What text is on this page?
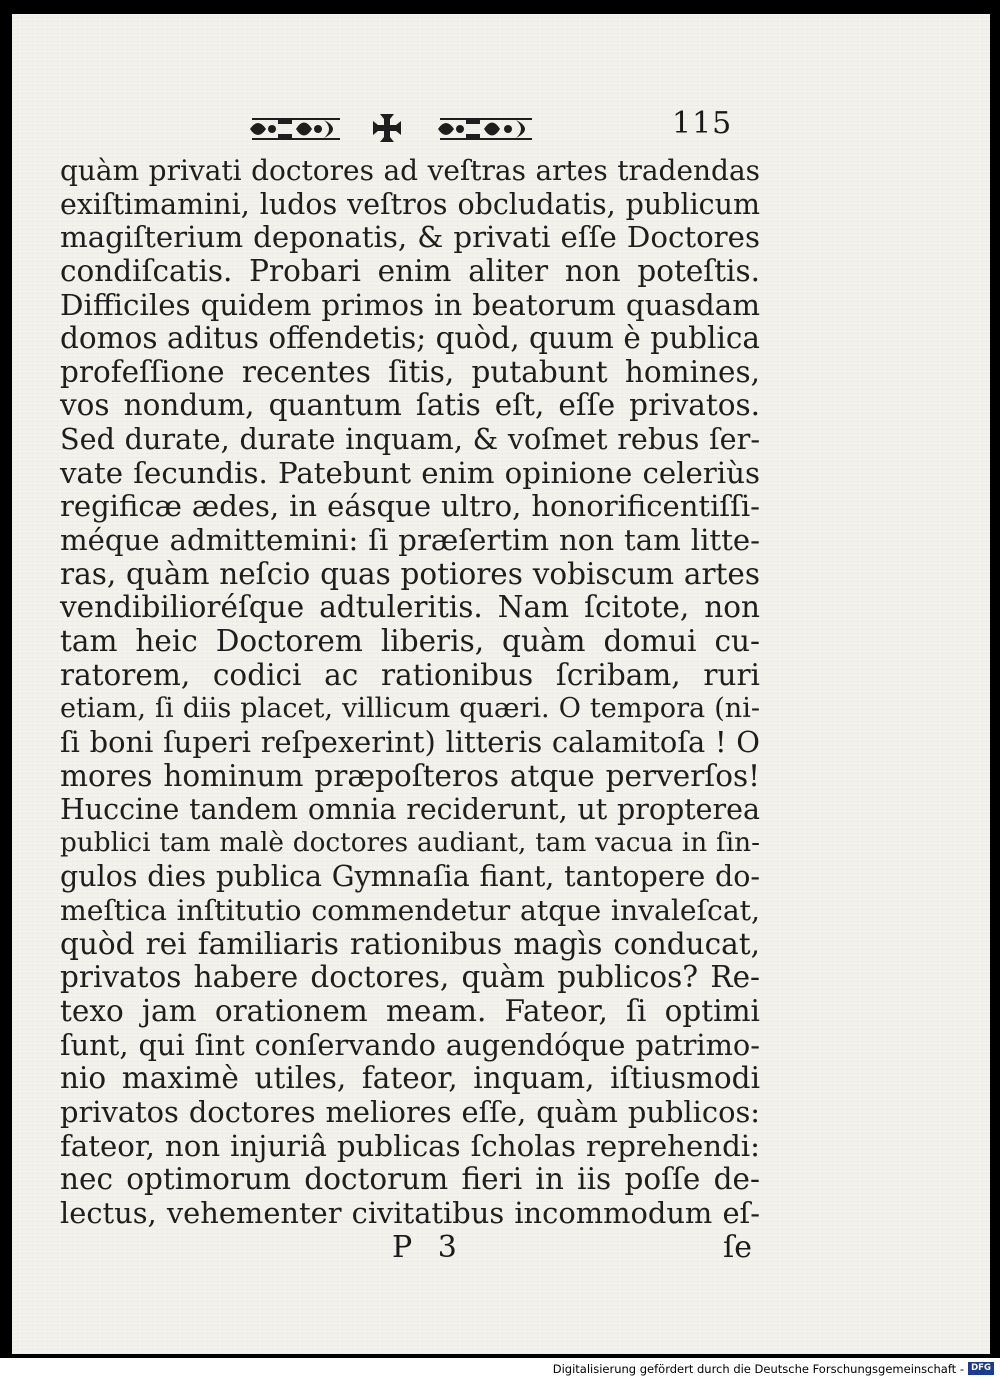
115
quàm privati doctores ad veſtras artes tradendas
exiſtimamini, ludos veſtros obcludatis, publicum
magiſterium deponatis, & privati eſſe Doctores
condiſcatis. Probari enim aliter non poteſtis.
Difficiles quidem primos in beatorum quasdam
domos aditus offendetis; quòd, quum è publica
profeſſione recentes ſitis, putabunt homines,
vos nondum, quantum ſatis eſt, eſſe privatos.
Sed durate, durate inquam, & voſmet rebus ſer-
vate ſecundis. Patebunt enim opinione celeriùs
regificæ ædes, in eásque ultro, honorificentiſſi-
méque admittemini: ſi præſertim non tam litte-
ras, quàm neſcio quas potiores vobiscum artes
vendibilioréſque adtuleritis. Nam ſcitote, non
tam heic Doctorem liberis, quàm domui cu-
ratorem, codici ac rationibus ſcribam, ruri
etiam, ſi diis placet, villicum quæri. O tempora (ni-
ſi boni ſuperi reſpexerint) litteris calamitoſa ! O
mores hominum præpoſteros atque perverſos!
Huccine tandem omnia reciderunt, ut propterea
publici tam malè doctores audiant, tam vacua in ſin-
gulos dies publica Gymnaſia fiant, tantopere do-
meſtica inſtitutio commendetur atque invaleſcat,
quòd rei familiaris rationibus magìs conducat,
privatos habere doctores, quàm publicos? Re-
texo jam orationem meam. Fateor, ſi optimi
ſunt, qui ſint conſervando augendóque patrimo-
nio maximè utiles, fateor, inquam, iſtiusmodi
privatos doctores meliores eſſe, quàm publicos:
fateor, non injuriâ publicas ſcholas reprehendi:
nec optimorum doctorum fieri in iis poſſe de-
lectus, vehementer civitatibus incommodum eſ-
P 3	ſe
Digitalisierung gefördert durch die Deutsche Forschungsgemeinschaft - DFG
